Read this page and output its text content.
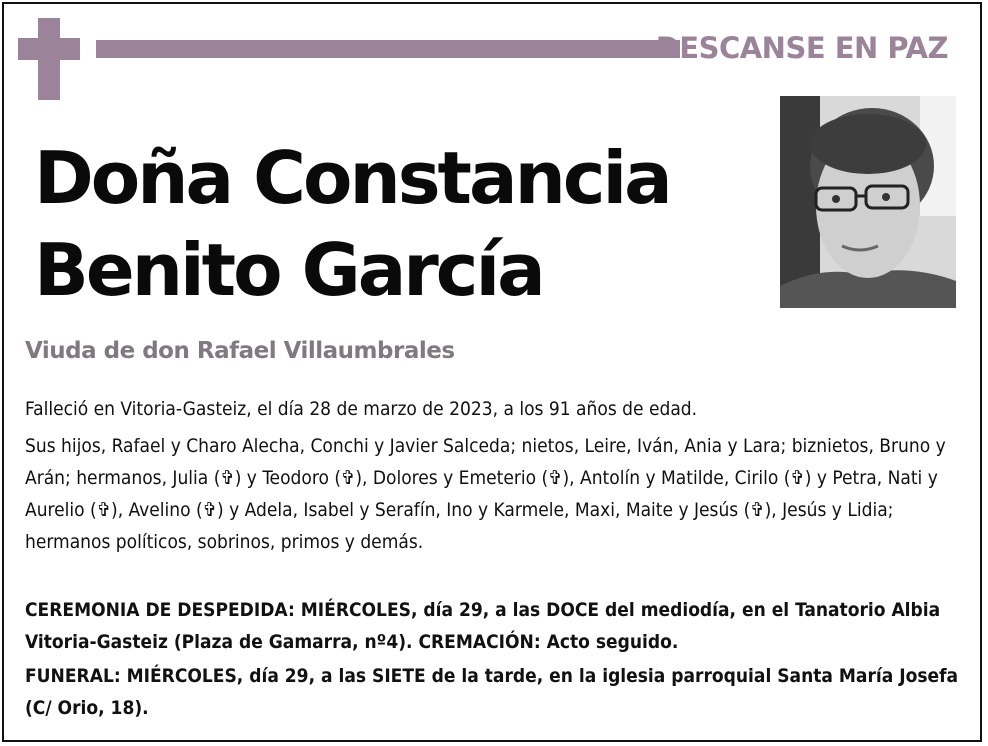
DESCANSE EN PAZ
Doña Constancia
Benito García
Viuda de don Rafael Villaumbrales
Falleció en Vitoria-Gasteiz, el día 28 de marzo de 2023, a los 91 años de edad.
Sus hijos, Rafael y Charo Alecha, Conchi y Javier Salceda; nietos, Leire, Iván, Ania y Lara; biznietos, Bruno y Arán; hermanos, Julia (✞) y Teodoro (✞), Dolores y Emeterio (✞), Antolín y Matilde, Cirilo (✞) y Petra, Nati y Aurelio (✞), Avelino (✞) y Adela, Isabel y Serafín, Ino y Karmele, Maxi, Maite y Jesús (✞), Jesús y Lidia; hermanos políticos, sobrinos, primos y demás.
CEREMONIA DE DESPEDIDA: MIÉRCOLES, día 29, a las DOCE del mediodía, en el Tanatorio Albia Vitoria-Gasteiz (Plaza de Gamarra, nº4). CREMACIÓN: Acto seguido.
FUNERAL: MIÉRCOLES, día 29, a las SIETE de la tarde, en la iglesia parroquial Santa María Josefa (C/ Orio, 18).
